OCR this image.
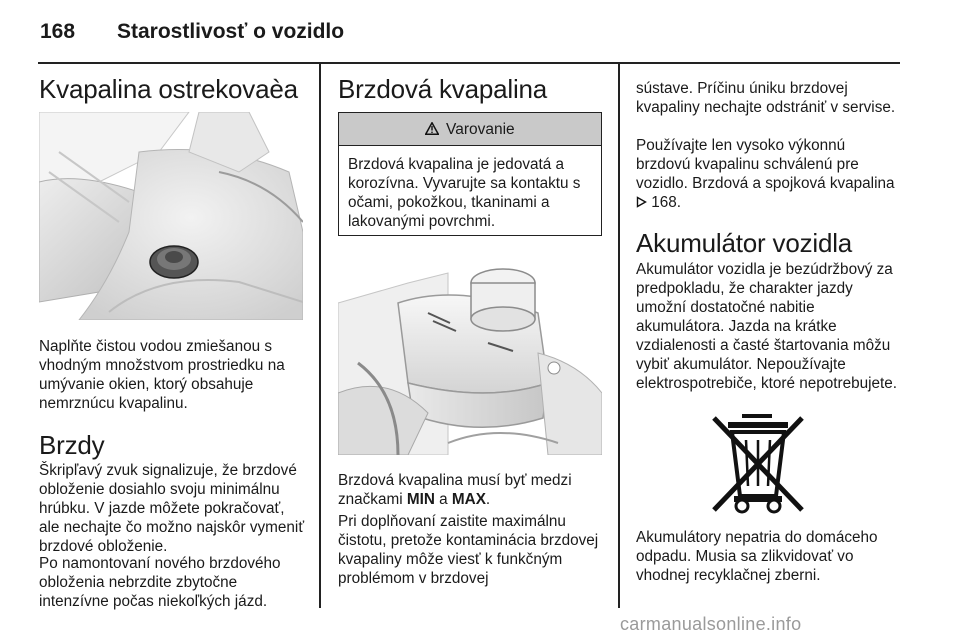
168 Starostlivosť o vozidlo
Kvapalina ostrekovaèa

Naplňte čistou vodou zmiešanou s vhodným množstvom prostriedku na umývanie okien, ktorý obsahuje nemrznúcu kvapalinu.

Brzdy

Škripľavý zvuk signalizuje, že brzdové obloženie dosiahlo svoju minimálnu hrúbku. V jazde môžete pokračovať, ale nechajte čo možno najskôr vymeniť brzdové obloženie.

Po namontovaní nového brzdového obloženia nebrzdite zbytočne intenzívne počas niekoľkých jázd.

Brzdová kvapalina
Varovanie
Brzdová kvapalina je jedovatá a korozívna. Vyvarujte sa kontaktu s očami, pokožkou, tkaninami a lakovanými povrchmi.

Brzdová kvapalina musí byť medzi značkami MIN a MAX.

Pri doplňovaní zaistite maximálnu čistotu, pretože kontaminácia brzdovej kvapaliny môže viesť k funkčným problémom v brzdovej

sústave. Príčinu úniku brzdovej kvapaliny nechajte odstrániť v servise.

Používajte len vysoko výkonnú brzdovú kvapalinu schválenú pre vozidlo. Brzdová a spojková kvapalina  168.

Akumulátor vozidla

Akumulátor vozidla je bezúdržbový za predpokladu, že charakter jazdy umožní dostatočné nabitie akumulátora. Jazda na krátke vzdialenosti a časté štartovania môžu vybiť akumulátor. Nepoužívajte elektrospotrebiče, ktoré nepotrebujete.

Akumulátory nepatria do domáceho odpadu. Musia sa zlikvidovať vo vhodnej recyklačnej zberni.

carmanualsonline.info
